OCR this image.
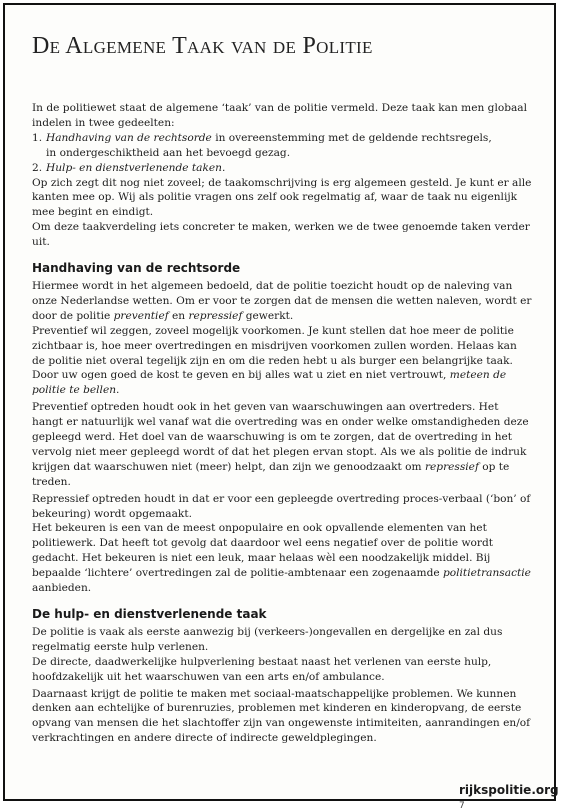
De Algemene Taak van de Politie

In de politiewet staat de algemene ‘taak’ van de politie vermeld. Deze taak kan men globaal indelen in twee gedeelten:

1. Handhaving van de rechtsorde in overeenstemming met de geldende rechtsregels,
in ondergeschiktheid aan het bevoegd gezag.

2. Hulp- en dienstverlenende taken.

Op zich zegt dit nog niet zoveel; de taakomschrijving is erg algemeen gesteld. Je kunt er alle kanten mee op. Wij als politie vragen ons zelf ook regelmatig af, waar de taak nu eigenlijk mee begint en eindigt.

Om deze taakverdeling iets concreter te maken, werken we de twee genoemde taken verder uit.

Handhaving van de rechtsorde

Hiermee wordt in het algemeen bedoeld, dat de politie toezicht houdt op de naleving van onze Nederlandse wetten. Om er voor te zorgen dat de mensen die wetten naleven, wordt er door de politie preventief en repressief gewerkt.

Preventief wil zeggen, zoveel mogelijk voorkomen. Je kunt stellen dat hoe meer de politie zichtbaar is, hoe meer overtredingen en misdrijven voorkomen zullen worden. Helaas kan de politie niet overal tegelijk zijn en om die reden hebt u als burger een belangrijke taak. Door uw ogen goed de kost te geven en bij alles wat u ziet en niet vertrouwt, meteen de politie te bellen.

Preventief optreden houdt ook in het geven van waarschuwingen aan overtreders. Het hangt er natuurlijk wel vanaf wat die overtreding was en onder welke omstandigheden deze gepleegd werd. Het doel van de waarschuwing is om te zorgen, dat de overtreding in het vervolg niet meer gepleegd wordt of dat het plegen ervan stopt. Als we als politie de indruk krijgen dat waarschuwen niet (meer) helpt, dan zijn we genoodzaakt om repressief op te treden.

Repressief optreden houdt in dat er voor een gepleegde overtreding proces-verbaal (‘bon’ of bekeuring) wordt opgemaakt.

Het bekeuren is een van de meest onpopulaire en ook opvallende elementen van het politiewerk. Dat heeft tot gevolg dat daardoor wel eens negatief over de politie wordt gedacht. Het bekeuren is niet een leuk, maar helaas wèl een noodzakelijk middel. Bij bepaalde ‘lichtere’ overtredingen zal de politie-ambtenaar een zogenaamde politietransactie aanbieden.

De hulp- en dienstverlenende taak

De politie is vaak als eerste aanwezig bij (verkeers-)ongevallen en dergelijke en zal dus regelmatig eerste hulp verlenen.

De directe, daadwerkelijke hulpverlening bestaat naast het verlenen van eerste hulp, hoofdzakelijk uit het waarschuwen van een arts en/of ambulance.

Daarnaast krijgt de politie te maken met sociaal-maatschappelijke problemen. We kunnen denken aan echtelijke of burenruzies, problemen met kinderen en kinderopvang, de eerste opvang van mensen die het slachtoffer zijn van ongewenste intimiteiten, aanrandingen en/of verkrachtingen en andere directe of indirecte geweldplegingen.

rijkspolitie.org 7
